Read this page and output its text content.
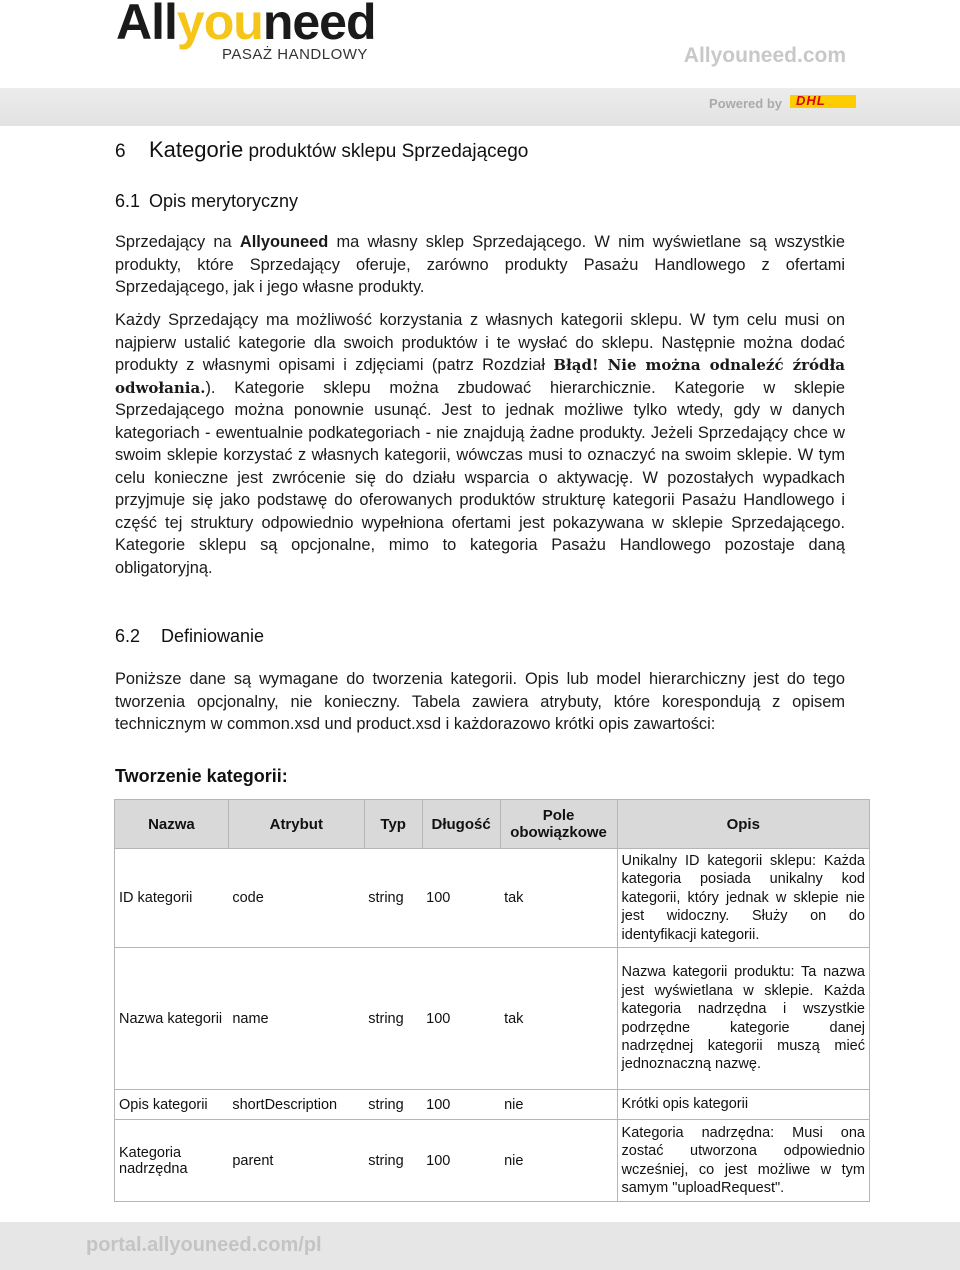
Allyouneed
PASAŻ HANDLOWY	Allyouneed.com
Powered by DHL
6 Kategorie produktów sklepu Sprzedającego
6.1 Opis merytoryczny

Sprzedający na Allyouneed ma własny sklep Sprzedającego. W nim wyświetlane są wszystkie produkty, które Sprzedający oferuje, zarówno produkty Pasażu Handlowego z ofertami Sprzedającego, jak i jego własne produkty.

Każdy Sprzedający ma możliwość korzystania z własnych kategorii sklepu. W tym celu musi on najpierw ustalić kategorie dla swoich produktów i te wysłać do sklepu. Następnie można dodać produkty z własnymi opisami i zdjęciami (patrz Rozdział Błąd! Nie można odnaleźć źródła odwołania.). Kategorie sklepu można zbudować hierarchicznie. Kategorie w sklepie Sprzedającego można ponownie usunąć. Jest to jednak możliwe tylko wtedy, gdy w danych kategoriach - ewentualnie podkategoriach - nie znajdują żadne produkty. Jeżeli Sprzedający chce w swoim sklepie korzystać z własnych kategorii, wówczas musi to oznaczyć na swoim sklepie. W tym celu konieczne jest zwrócenie się do działu wsparcia o aktywację. W pozostałych wypadkach przyjmuje się jako podstawę do oferowanych produktów strukturę kategorii Pasażu Handlowego i część tej struktury odpowiednio wypełniona ofertami jest pokazywana w sklepie Sprzedającego. Kategorie sklepu są opcjonalne, mimo to kategoria Pasażu Handlowego pozostaje daną obligatoryjną.

6.2 Definiowanie

Poniższe dane są wymagane do tworzenia kategorii. Opis lub model hierarchiczny jest do tego tworzenia opcjonalny, nie konieczny. Tabela zawiera atrybuty, które korespondują z opisem technicznym w common.xsd und product.xsd i każdorazowo krótki opis zawartości:

Tworzenie kategorii:

Nazwa	Atrybut	Typ	Długość	Pole obowiązkowe	Opis
ID kategorii	code	string	100	tak	Unikalny ID kategorii sklepu: Każda kategoria posiada unikalny kod kategorii, który jednak w sklepie nie jest widoczny. Służy on do identyfikacji kategorii.
Nazwa kategorii	name	string	100	tak	Nazwa kategorii produktu: Ta nazwa jest wyświetlana w sklepie. Każda kategoria nadrzędna i wszystkie podrzędne kategorie danej nadrzędnej kategorii muszą mieć jednoznaczną nazwę.
Opis kategorii	shortDescription	string	100	nie	Krótki opis kategorii
Kategoria nadrzędna	parent	string	100	nie	Kategoria nadrzędna: Musi ona zostać utworzona odpowiednio wcześniej, co jest możliwe w tym samym "uploadRequest".
portal.allyouneed.com/pl
